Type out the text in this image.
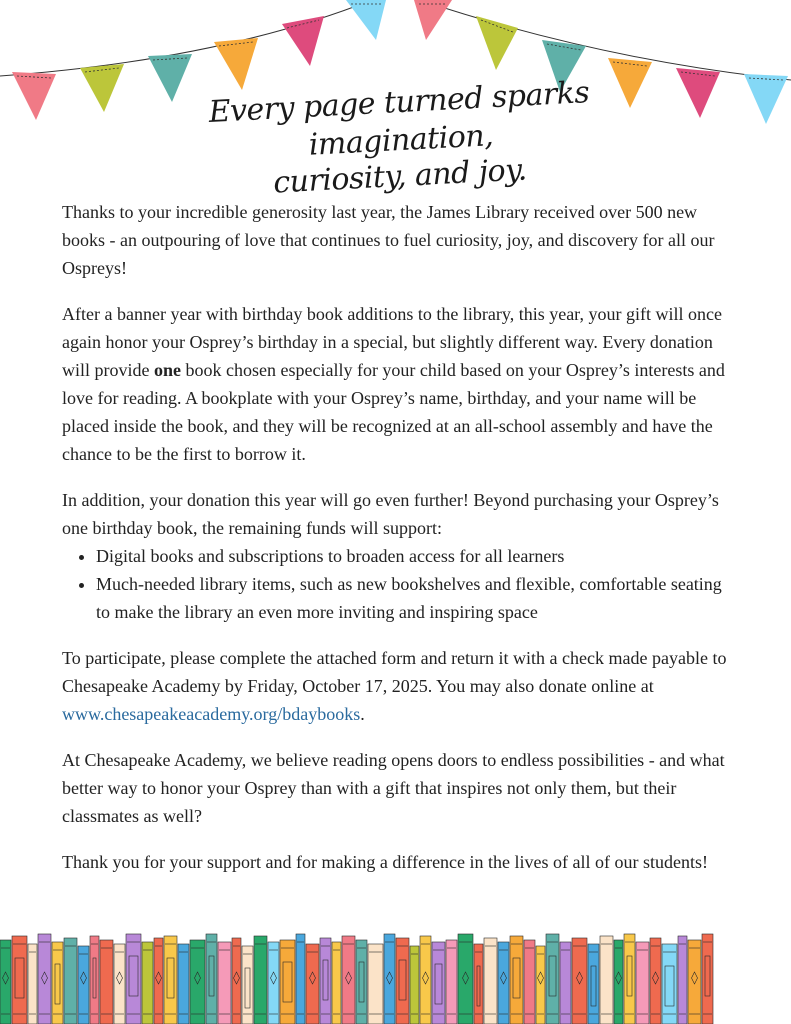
Every page turned sparks imagination,
curiosity, and joy.

Thanks to your incredible generosity last year, the James Library received over 500 new books - an outpouring of love that continues to fuel curiosity, joy, and discovery for all our Ospreys!

After a banner year with birthday book additions to the library, this year, your gift will once again honor your Osprey’s birthday in a special, but slightly different way. Every donation will provide one book chosen especially for your child based on your Osprey’s interests and love for reading. A bookplate with your Osprey’s name, birthday, and your name will be placed inside the book, and they will be recognized at an all-school assembly and have the chance to be the first to borrow it.

In addition, your donation this year will go even further! Beyond purchasing your Osprey’s one birthday book, the remaining funds will support:

• Digital books and subscriptions to broaden access for all learners
• Much-needed library items, such as new bookshelves and flexible, comfortable seating to make the library an even more inviting and inspiring space

To participate, please complete the attached form and return it with a check made payable to Chesapeake Academy by Friday, October 17, 2025. You may also donate online at www.chesapeakeacademy.org/bdaybooks.

At Chesapeake Academy, we believe reading opens doors to endless possibilities - and what better way to honor your Osprey than with a gift that inspires not only them, but their classmates as well?

Thank you for your support and for making a difference in the lives of all of our students!
